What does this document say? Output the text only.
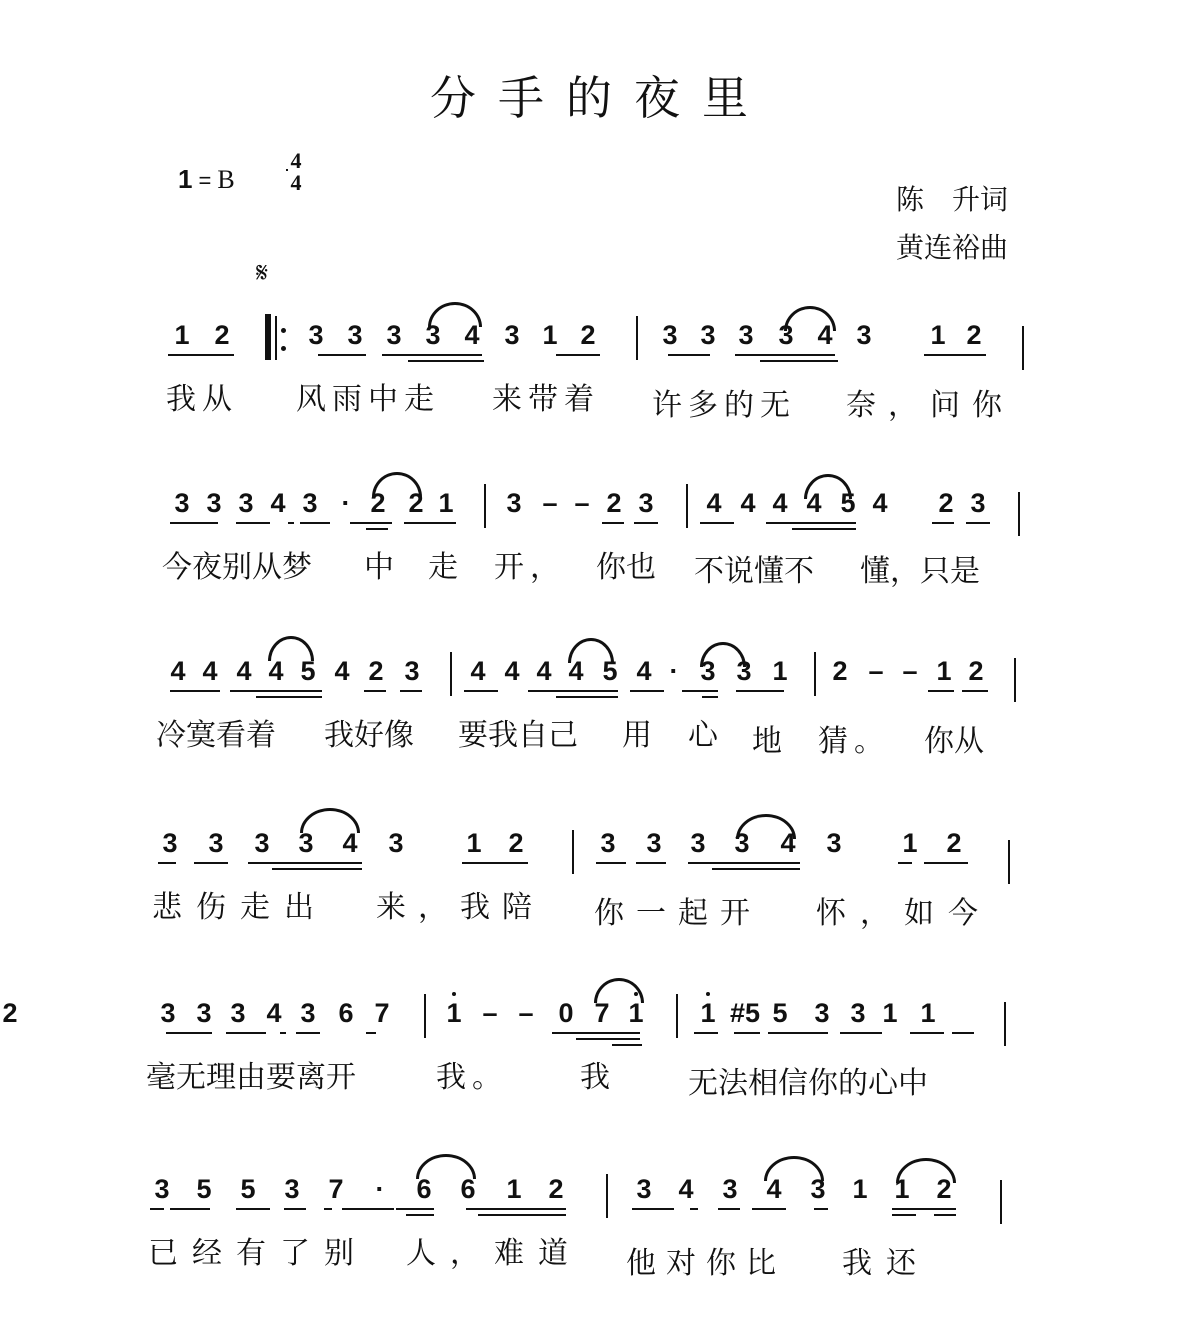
分手的夜里
1 = B
4
4
陈　升词
黄连裕曲
𝄋
1 2	3 3 3 3 4 3 1 2 3 3 3 3 4 3 1 2
我从 风雨中走 来带着 许多的无 奈，问你
3 3 3 4 3 · 2 2 1 3 – – 2 3 4 4 4 4 5 4 2 3
今夜别从梦 中 走 开， 你也 不说懂不 懂，只是
4 4 4 4 5 4 2 3 4 4 4 4 5 4 · 3 3 1 2 – – 1 2
冷寞看着 我好像 要我自己 用 心 地 猜。 你从
3 3 3 3 4 3 1 2	3 3 3 3 4 3 1 2
悲伤走出 来，我陪 你一起开 怀，如今
3 3 3 4 3 6 7 1 – – 0 7 1 1 #5 5 3 3 1 1
2
毫无理由要离开	我。 我 无法相信你的心中
3 5 5 3 7 · 6 6 1 2	3 4 3 4 3 1 1 2
已经有了别 人，难道 他对你比 我还
